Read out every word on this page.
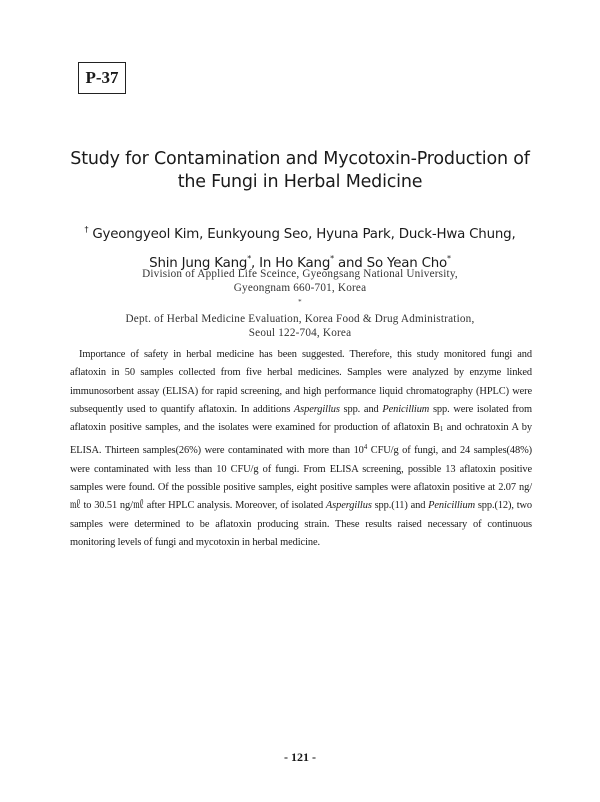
P-37
Study for Contamination and Mycotoxin-Production of
the Fungi in Herbal Medicine
† Gyeongyeol Kim, Eunkyoung Seo, Hyuna Park, Duck-Hwa Chung,
Shin Jung Kang*, In Ho Kang* and So Yean Cho*
Division of Applied Life Sceince, Gyeongsang National University,
Gyeongnam 660-701, Korea
*
Dept. of Herbal Medicine Evaluation, Korea Food & Drug Administration,
Seoul 122-704, Korea

Importance of safety in herbal medicine has been suggested. Therefore, this study monitored fungi and aflatoxin in 50 samples collected from five herbal medicines. Samples were analyzed by enzyme linked immunosorbent assay (ELISA) for rapid screening, and high performance liquid chromatography (HPLC) were subsequently used to quantify aflatoxin. In additions Aspergillus spp. and Penicillium spp. were isolated from aflatoxin positive samples, and the isolates were examined for production of aflatoxin $B_1$ and ochratoxin A by ELISA. Thirteen samples(26%) were contaminated with more than $10^4$ CFU/g of fungi, and 24 samples(48%) were contaminated with less than 10 CFU/g of fungi. From ELISA screening, possible 13 aflatoxin positive samples were found. Of the possible positive samples, eight positive samples were aflatoxin positive at 2.07 ng/㎖ to 30.51 ng/㎖ after HPLC analysis. Moreover, of isolated Aspergillus spp.(11) and Penicillium spp.(12), two samples were determined to be aflatoxin producing strain. These results raised necessary of continuous monitoring levels of fungi and mycotoxin in herbal medicine.

- 121 -
